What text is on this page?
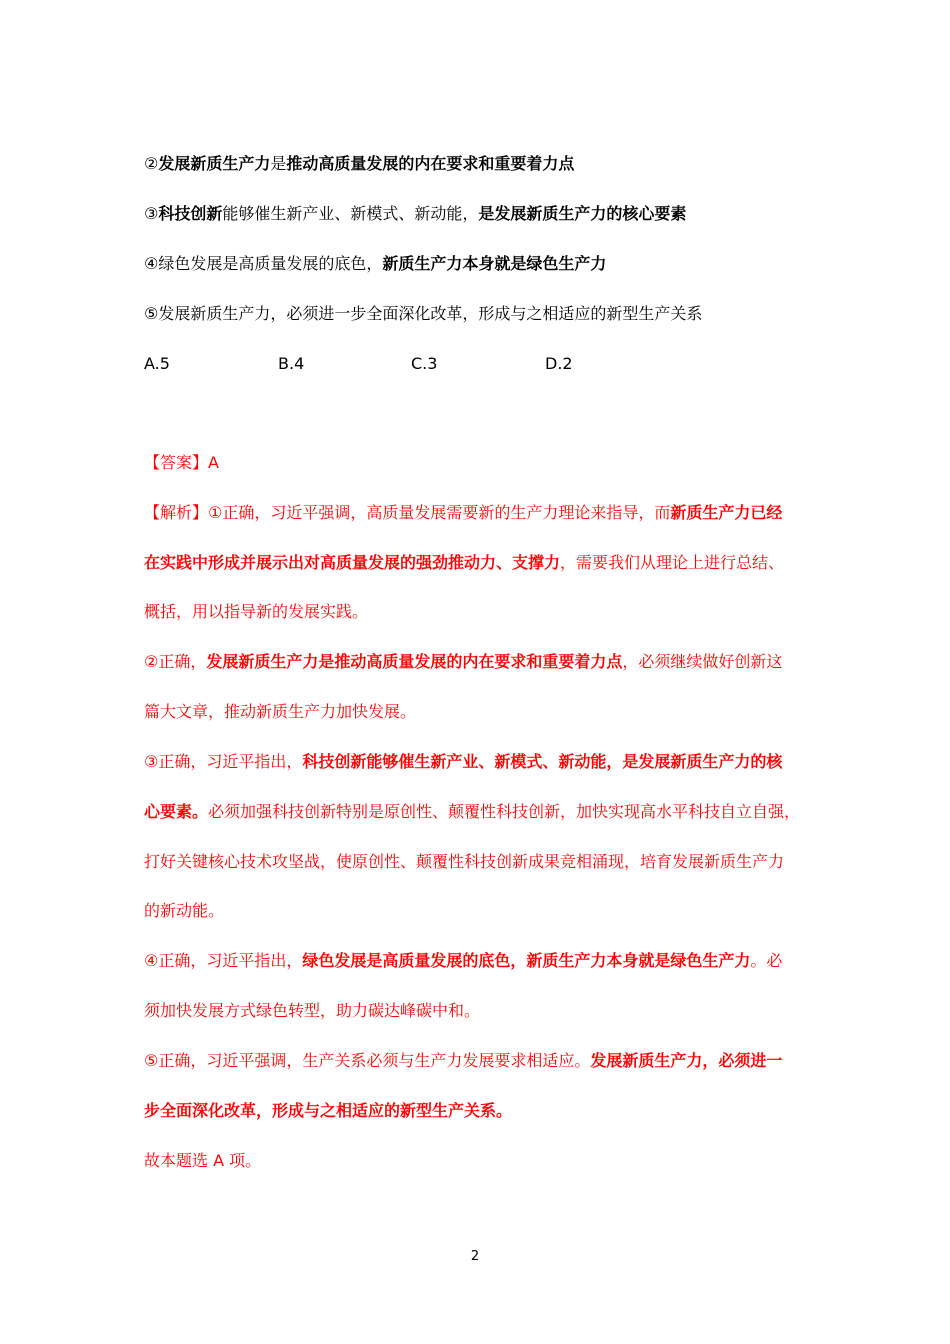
②发展新质生产力是推动高质量发展的内在要求和重要着力点
③科技创新能够催生新产业、新模式、新动能，是发展新质生产力的核心要素
④绿色发展是高质量发展的底色，新质生产力本身就是绿色生产力
⑤发展新质生产力，必须进一步全面深化改革，形成与之相适应的新型生产关系
A.5	B.4	C.3	D.2
【答案】A
【解析】①正确，习近平强调，高质量发展需要新的生产力理论来指导，而新质生产力已经
在实践中形成并展示出对高质量发展的强劲推动力、支撑力，需要我们从理论上进行总结、
概括，用以指导新的发展实践。
②正确，发展新质生产力是推动高质量发展的内在要求和重要着力点，必须继续做好创新这
篇大文章，推动新质生产力加快发展。
③正确，习近平指出，科技创新能够催生新产业、新模式、新动能，是发展新质生产力的核
心要素。必须加强科技创新特别是原创性、颠覆性科技创新，加快实现高水平科技自立自强，
打好关键核心技术攻坚战，使原创性、颠覆性科技创新成果竞相涌现，培育发展新质生产力
的新动能。
④正确，习近平指出，绿色发展是高质量发展的底色，新质生产力本身就是绿色生产力。必
须加快发展方式绿色转型，助力碳达峰碳中和。
⑤正确，习近平强调，生产关系必须与生产力发展要求相适应。发展新质生产力，必须进一
步全面深化改革，形成与之相适应的新型生产关系。
故本题选 A 项。
2
